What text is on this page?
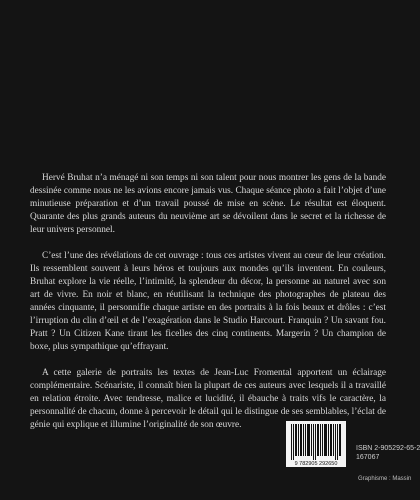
Hervé Bruhat n’a ménagé ni son temps ni son talent pour nous montrer les gens de la bande dessinée comme nous ne les avions encore jamais vus. Chaque séance photo a fait l’objet d’une minutieuse préparation et d’un travail poussé de mise en scène. Le résultat est éloquent. Quarante des plus grands auteurs du neuvième art se dévoilent dans le secret et la richesse de leur univers personnel.

C’est l’une des révélations de cet ouvrage : tous ces artistes vivent au cœur de leur création. Ils ressemblent souvent à leurs héros et toujours aux mondes qu’ils inventent. En couleurs, Bruhat explore la vie réelle, l’intimité, la splendeur du décor, la personne au naturel avec son art de vivre. En noir et blanc, en réutilisant la technique des photographes de plateau des années cinquante, il personnifie chaque artiste en des portraits à la fois beaux et drôles : c’est l’irruption du clin d’œil et de l’exagération dans le Studio Harcourt. Franquin ? Un savant fou. Pratt ? Un Citizen Kane tirant les ficelles des cinq continents. Margerin ? Un champion de boxe, plus sympathique qu’effrayant.

A cette galerie de portraits les textes de Jean-Luc Fromental apportent un éclairage complémentaire. Scénariste, il connaît bien la plupart de ces auteurs avec lesquels il a travaillé en relation étroite. Avec tendresse, malice et lucidité, il ébauche à traits vifs le caractère, la personnalité de chacun, donne à percevoir le détail qui le distingue de ses semblables, l’éclat de génie qui explique et illumine l’originalité de son œuvre.

9 782905 292650
ISBN 2-905292-65-2
167067
Graphisme : Massin
